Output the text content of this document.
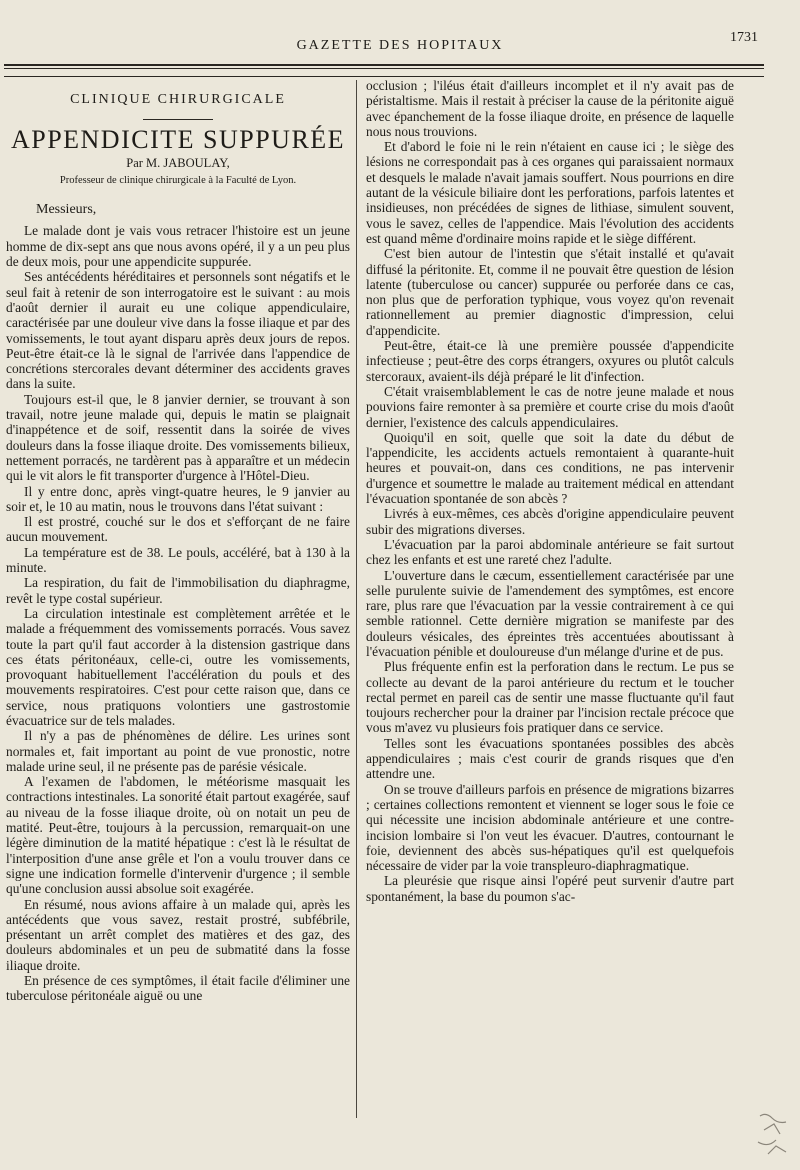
GAZETTE DES HOPITAUX
1731
CLINIQUE CHIRURGICALE
APPENDICITE SUPPURÉE
Par M. JABOULAY,
Professeur de clinique chirurgicale à la Faculté de Lyon.

Messieurs,

Le malade dont je vais vous retracer l'histoire est un jeune homme de dix-sept ans que nous avons opéré, il y a un peu plus de deux mois, pour une appendicite suppurée.

Ses antécédents héréditaires et personnels sont négatifs et le seul fait à retenir de son interrogatoire est le suivant : au mois d'août dernier il aurait eu une colique appendiculaire, caractérisée par une douleur vive dans la fosse iliaque et par des vomissements, le tout ayant disparu après deux jours de repos. Peut-être était-ce là le signal de l'arrivée dans l'appendice de concrétions stercorales devant déterminer des accidents graves dans la suite.

Toujours est-il que, le 8 janvier dernier, se trouvant à son travail, notre jeune malade qui, depuis le matin se plaignait d'inappétence et de soif, ressentit dans la soirée de vives douleurs dans la fosse iliaque droite. Des vomissements bilieux, nettement porracés, ne tardèrent pas à apparaître et un médecin qui le vit alors le fit transporter d'urgence à l'Hôtel-Dieu.

Il y entre donc, après vingt-quatre heures, le 9 janvier au soir et, le 10 au matin, nous le trouvons dans l'état suivant :

Il est prostré, couché sur le dos et s'efforçant de ne faire aucun mouvement.

La température est de 38. Le pouls, accéléré, bat à 130 à la minute.

La respiration, du fait de l'immobilisation du diaphragme, revêt le type costal supérieur.

La circulation intestinale est complètement arrêtée et le malade a fréquemment des vomissements porracés. Vous savez toute la part qu'il faut accorder à la distension gastrique dans ces états péritonéaux, celle-ci, outre les vomissements, provoquant habituellement l'accélération du pouls et des mouvements respiratoires. C'est pour cette raison que, dans ce service, nous pratiquons volontiers une gastrostomie évacuatrice sur de tels malades.

Il n'y a pas de phénomènes de délire. Les urines sont normales et, fait important au point de vue pronostic, notre malade urine seul, il ne présente pas de parésie vésicale.

A l'examen de l'abdomen, le météorisme masquait les contractions intestinales. La sonorité était partout exagérée, sauf au niveau de la fosse iliaque droite, où on notait un peu de matité. Peut-être, toujours à la percussion, remarquait-on une légère diminution de la matité hépatique : c'est là le résultat de l'interposition d'une anse grêle et l'on a voulu trouver dans ce signe une indication formelle d'intervenir d'urgence ; il semble qu'une conclusion aussi absolue soit exagérée.

En résumé, nous avions affaire à un malade qui, après les antécédents que vous savez, restait prostré, subfébrile, présentant un arrêt complet des matières et des gaz, des douleurs abdominales et un peu de submatité dans la fosse iliaque droite.

En présence de ces symptômes, il était facile d'éliminer une tuberculose péritonéale aiguë ou une

occlusion ; l'iléus était d'ailleurs incomplet et il n'y avait pas de péristaltisme. Mais il restait à préciser la cause de la péritonite aiguë avec épanchement de la fosse iliaque droite, en présence de laquelle nous nous trouvions.

Et d'abord le foie ni le rein n'étaient en cause ici ; le siège des lésions ne correspondait pas à ces organes qui paraissaient normaux et desquels le malade n'avait jamais souffert. Nous pourrions en dire autant de la vésicule biliaire dont les perforations, parfois latentes et insidieuses, non précédées de signes de lithiase, simulent souvent, vous le savez, celles de l'appendice. Mais l'évolution des accidents est quand même d'ordinaire moins rapide et le siège différent.

C'est bien autour de l'intestin que s'était installé et qu'avait diffusé la péritonite. Et, comme il ne pouvait être question de lésion latente (tuberculose ou cancer) suppurée ou perforée dans ce cas, non plus que de perforation typhique, vous voyez qu'on revenait rationnellement au premier diagnostic d'impression, celui d'appendicite.

Peut-être, était-ce là une première poussée d'appendicite infectieuse ; peut-être des corps étrangers, oxyures ou plutôt calculs stercoraux, avaient-ils déjà préparé le lit d'infection.

C'était vraisemblablement le cas de notre jeune malade et nous pouvions faire remonter à sa première et courte crise du mois d'août dernier, l'existence des calculs appendiculaires.

Quoiqu'il en soit, quelle que soit la date du début de l'appendicite, les accidents actuels remontaient à quarante-huit heures et pouvait-on, dans ces conditions, ne pas intervenir d'urgence et soumettre le malade au traitement médical en attendant l'évacuation spontanée de son abcès ?

Livrés à eux-mêmes, ces abcès d'origine appendiculaire peuvent subir des migrations diverses.

L'évacuation par la paroi abdominale antérieure se fait surtout chez les enfants et est une rareté chez l'adulte.

L'ouverture dans le cæcum, essentiellement caractérisée par une selle purulente suivie de l'amendement des symptômes, est encore rare, plus rare que l'évacuation par la vessie contrairement à ce qui semble rationnel. Cette dernière migration se manifeste par des douleurs vésicales, des épreintes très accentuées aboutissant à l'évacuation pénible et douloureuse d'un mélange d'urine et de pus.

Plus fréquente enfin est la perforation dans le rectum. Le pus se collecte au devant de la paroi antérieure du rectum et le toucher rectal permet en pareil cas de sentir une masse fluctuante qu'il faut toujours rechercher pour la drainer par l'incision rectale précoce que vous m'avez vu plusieurs fois pratiquer dans ce service.

Telles sont les évacuations spontanées possibles des abcès appendiculaires ; mais c'est courir de grands risques que d'en attendre une.

On se trouve d'ailleurs parfois en présence de migrations bizarres ; certaines collections remontent et viennent se loger sous le foie ce qui nécessite une incision abdominale antérieure et une contre-incision lombaire si l'on veut les évacuer. D'autres, contournant le foie, deviennent des abcès sus-hépatiques qu'il est quelquefois nécessaire de vider par la voie transpleuro-diaphragmatique.

La pleurésie que risque ainsi l'opéré peut survenir d'autre part spontanément, la base du poumon s'ac-
